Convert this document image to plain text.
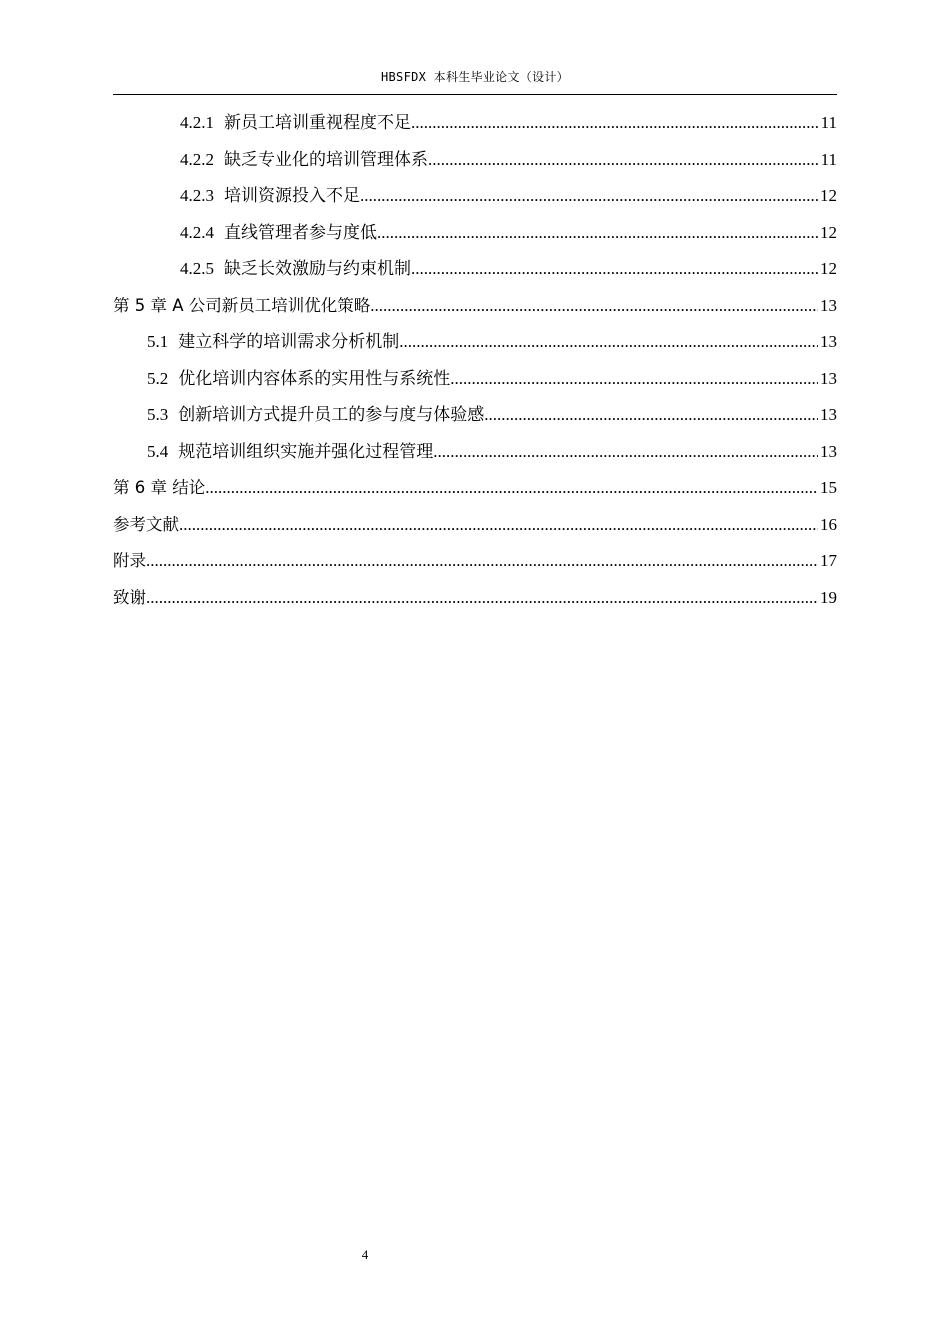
HBSFDX 本科生毕业论文（设计）
4.2.1 新员工培训重视程度不足 .....	11
4.2.2 缺乏专业化的培训管理体系 .....	11
4.2.3 培训资源投入不足 .....	12
4.2.4 直线管理者参与度低 .....	12
4.2.5 缺乏长效激励与约束机制 .....	12
第 5 章 A 公司新员工培训优化策略 .....	13
5.1 建立科学的培训需求分析机制 .....	13
5.2 优化培训内容体系的实用性与系统性 .....	13
5.3 创新培训方式提升员工的参与度与体验感 .....	13
5.4 规范培训组织实施并强化过程管理 .....	13
第 6 章 结论 .....	15
参考文献 .....	16
附录 .....	17
致谢 .....	19
4
